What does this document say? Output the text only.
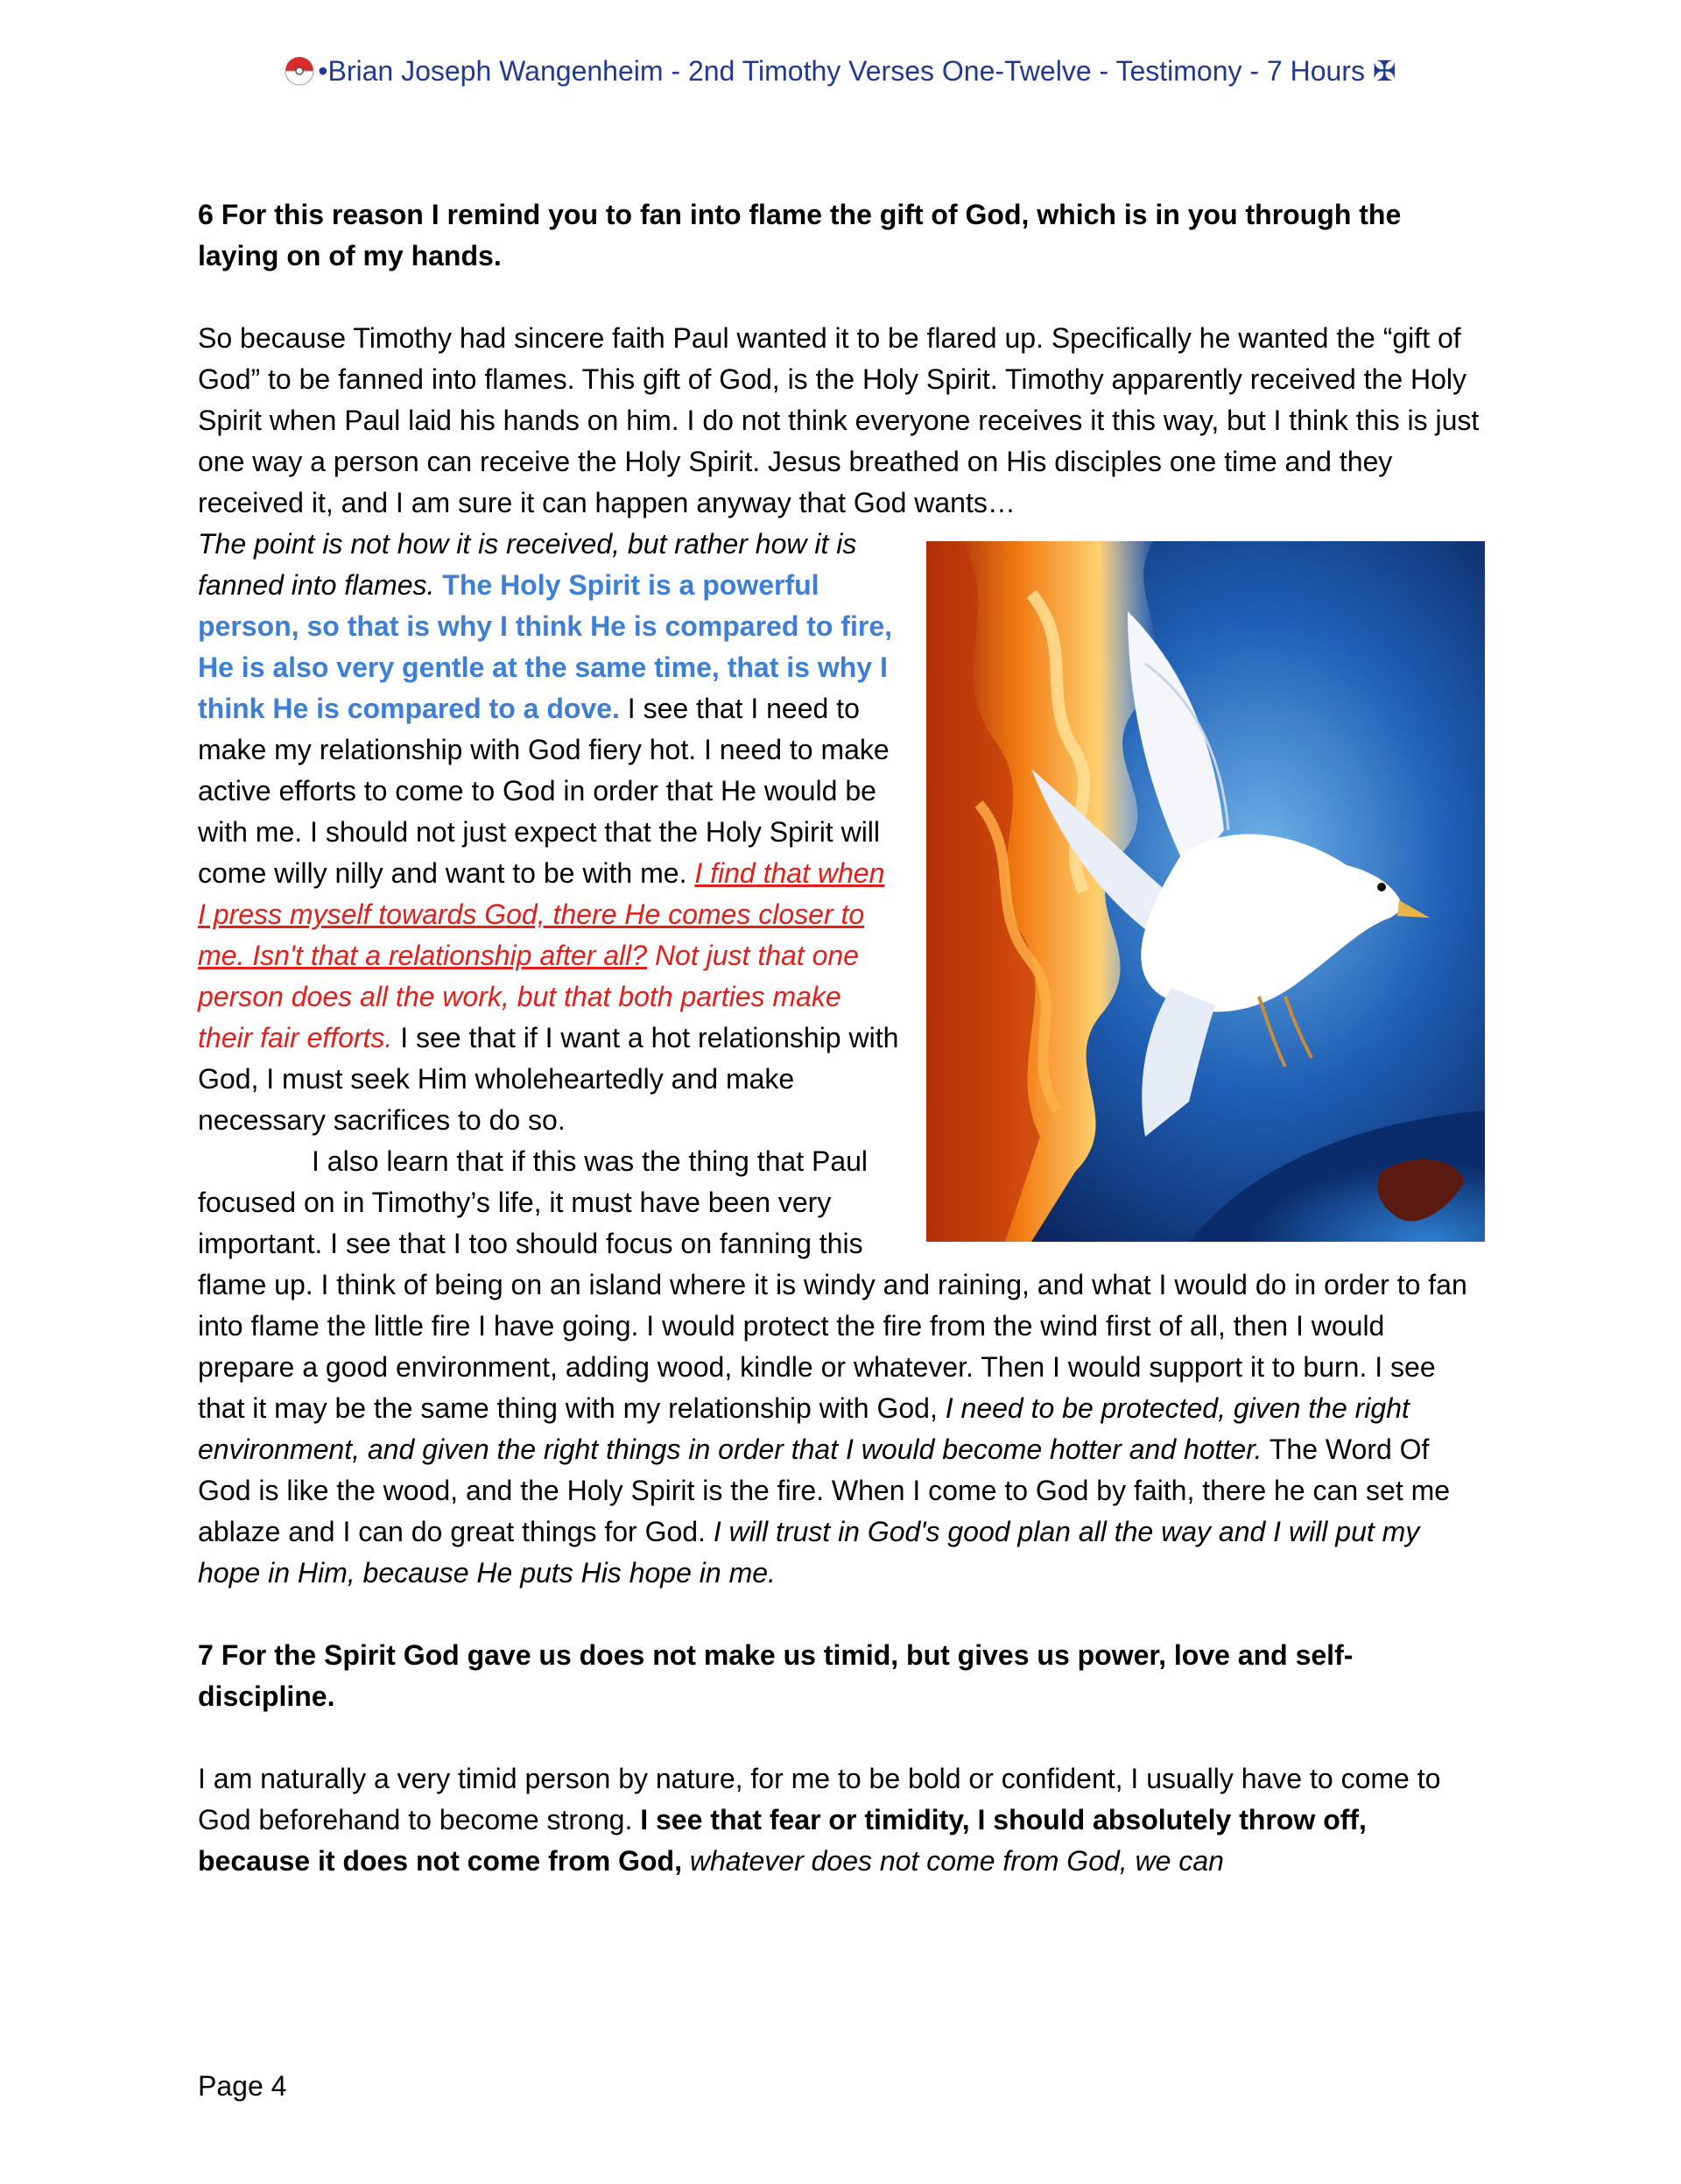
•Brian Joseph Wangenheim - 2nd Timothy Verses One-Twelve - Testimony - 7 Hours ✠

6 For this reason I remind you to fan into flame the gift of God, which is in you through the laying on of my hands.

So because Timothy had sincere faith Paul wanted it to be flared up. Specifically he wanted the “gift of God” to be fanned into flames. This gift of God, is the Holy Spirit. Timothy apparently received the Holy Spirit when Paul laid his hands on him. I do not think everyone receives it this way, but I think this is just one way a person can receive the Holy Spirit. Jesus breathed on His disciples one time and they received it, and I am sure it can happen anyway that God wants…

The point is not how it is received, but rather how it is fanned into flames. The Holy Spirit is a powerful person, so that is why I think He is compared to fire, He is also very gentle at the same time, that is why I think He is compared to a dove. I see that I need to make my relationship with God fiery hot. I need to make active efforts to come to God in order that He would be with me. I should not just expect that the Holy Spirit will come willy nilly and want to be with me. I find that when I press myself towards God, there He comes closer to me. Isn't that a relationship after all? Not just that one person does all the work, but that both parties make their fair efforts. I see that if I want a hot relationship with God, I must seek Him wholeheartedly and make necessary sacrifices to do so.

I also learn that if this was the thing that Paul focused on in Timothy’s life, it must have been very important. I see that I too should focus on fanning this flame up. I think of being on an island where it is windy and raining, and what I would do in order to fan into flame the little fire I have going. I would protect the fire from the wind first of all, then I would prepare a good environment, adding wood, kindle or whatever. Then I would support it to burn. I see that it may be the same thing with my relationship with God, I need to be protected, given the right environment, and given the right things in order that I would become hotter and hotter. The Word Of God is like the wood, and the Holy Spirit is the fire. When I come to God by faith, there he can set me ablaze and I can do great things for God. I will trust in God's good plan all the way and I will put my hope in Him, because He puts His hope in me.

7 For the Spirit God gave us does not make us timid, but gives us power, love and self-discipline.

I am naturally a very timid person by nature, for me to be bold or confident, I usually have to come to God beforehand to become strong. I see that fear or timidity, I should absolutely throw off, because it does not come from God, whatever does not come from God, we can

Page 4
